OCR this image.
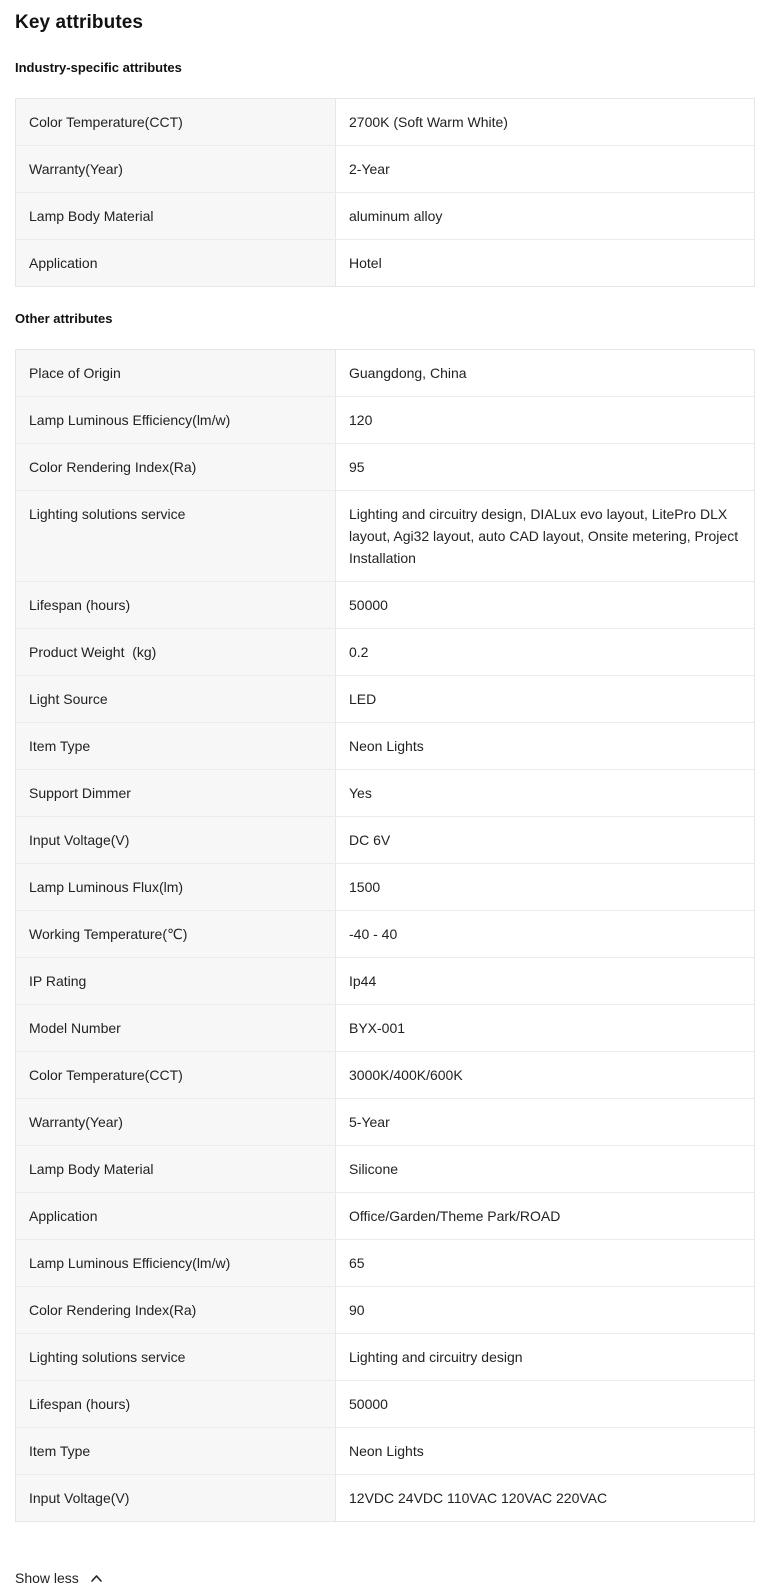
Key attributes
Industry-specific attributes
Color Temperature(CCT)	2700K (Soft Warm White)
Warranty(Year)	2-Year
Lamp Body Material	aluminum alloy
Application	Hotel
Other attributes
Place of Origin	Guangdong, China
Lamp Luminous Efficiency(lm/w)	120
Color Rendering Index(Ra)	95
Lighting solutions service	Lighting and circuitry design, DIALux evo layout, LitePro DLX layout, Agi32 layout, auto CAD layout, Onsite metering, Project Installation
Lifespan (hours)	50000
Product Weight  (kg)	0.2
Light Source	LED
Item Type	Neon Lights
Support Dimmer	Yes
Input Voltage(V)	DC 6V
Lamp Luminous Flux(lm)	1500
Working Temperature(℃)	-40 - 40
IP Rating	Ip44
Model Number	BYX-001
Color Temperature(CCT)	3000K/400K/600K
Warranty(Year)	5-Year
Lamp Body Material	Silicone
Application	Office/Garden/Theme Park/ROAD
Lamp Luminous Efficiency(lm/w)	65
Color Rendering Index(Ra)	90
Lighting solutions service	Lighting and circuitry design
Lifespan (hours)	50000
Item Type	Neon Lights
Input Voltage(V)	12VDC 24VDC 110VAC 120VAC 220VAC
Show less
